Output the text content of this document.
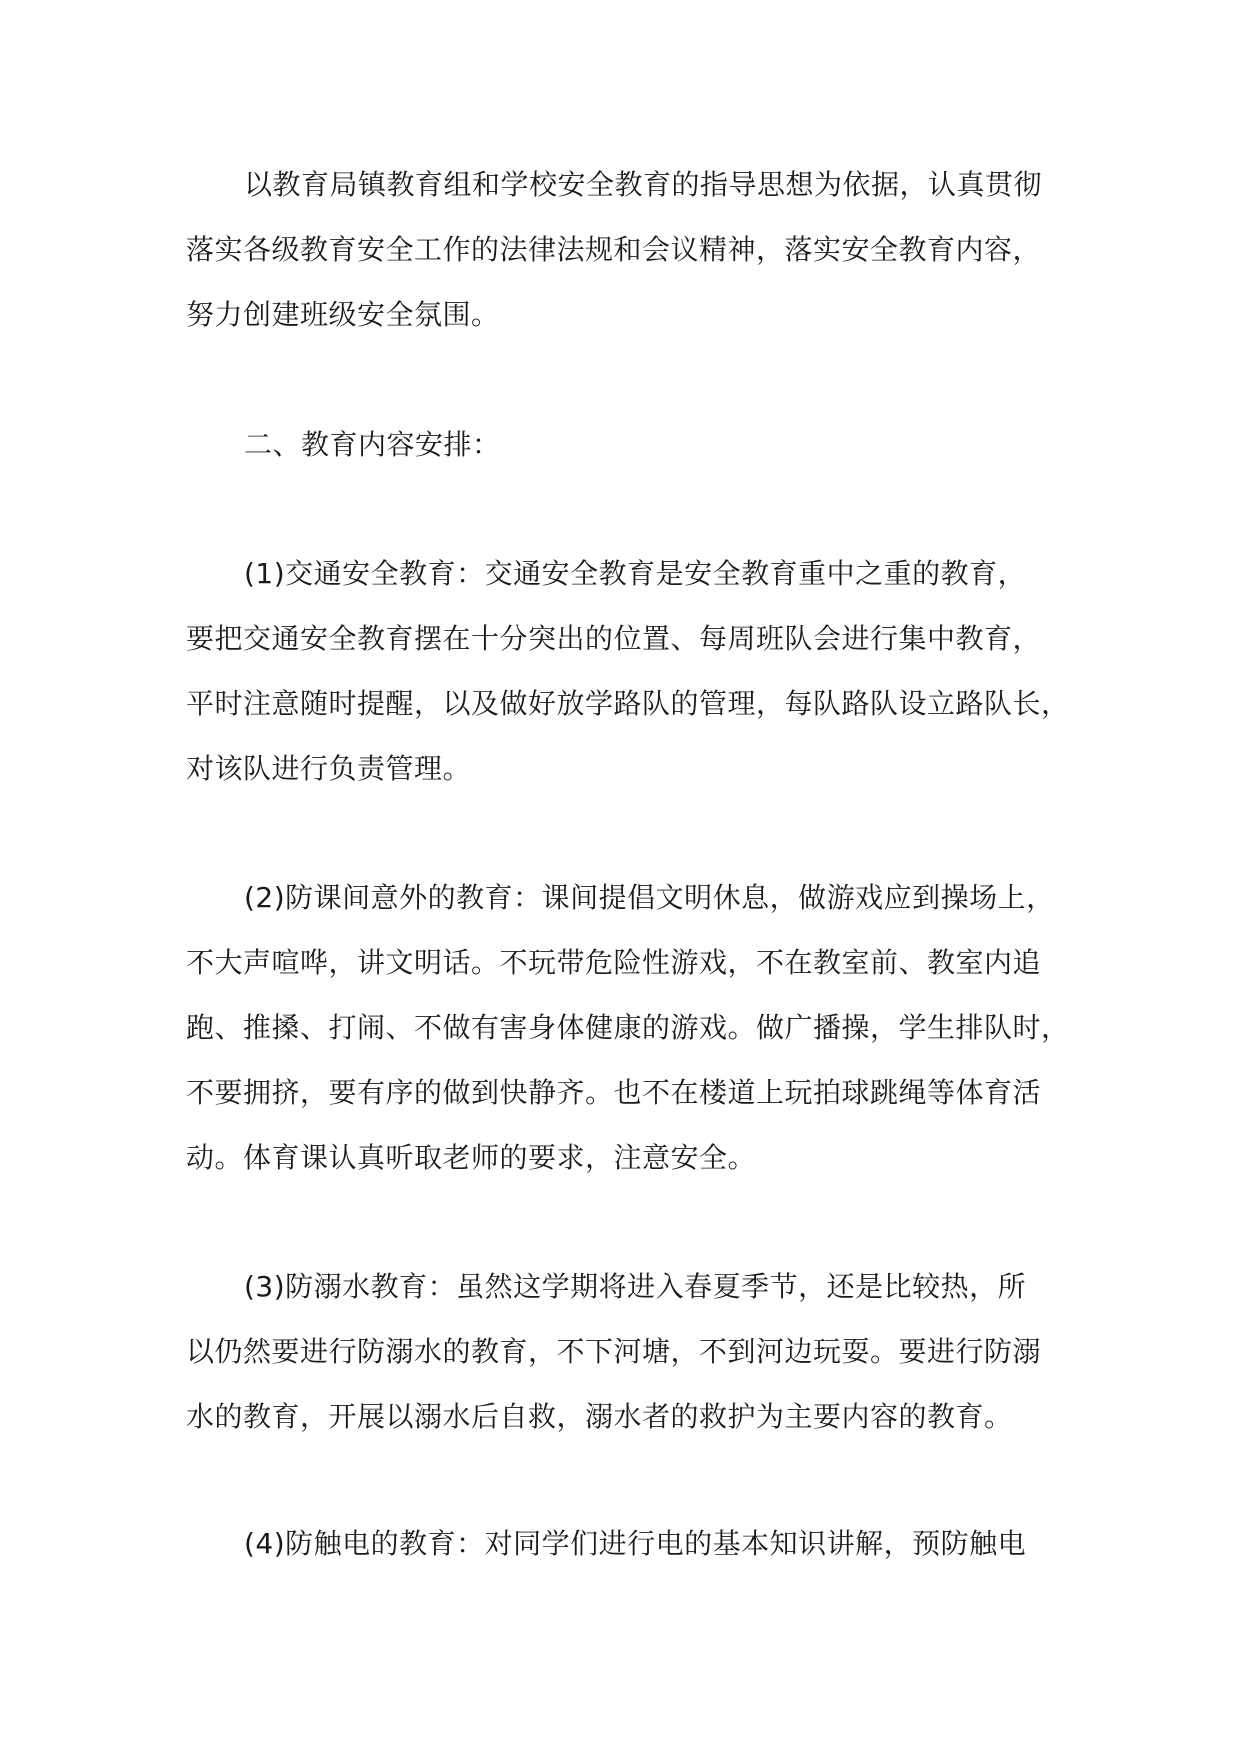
以教育局镇教育组和学校安全教育的指导思想为依据，认真贯彻
落实各级教育安全工作的法律法规和会议精神，落实安全教育内容，
努力创建班级安全氛围。

二、教育内容安排：

(1)交通安全教育：交通安全教育是安全教育重中之重的教育，
要把交通安全教育摆在十分突出的位置、每周班队会进行集中教育，
平时注意随时提醒，以及做好放学路队的管理，每队路队设立路队长，
对该队进行负责管理。

(2)防课间意外的教育：课间提倡文明休息，做游戏应到操场上，
不大声喧哗，讲文明话。不玩带危险性游戏，不在教室前、教室内追
跑、推搡、打闹、不做有害身体健康的游戏。做广播操，学生排队时，
不要拥挤，要有序的做到快静齐。也不在楼道上玩拍球跳绳等体育活
动。体育课认真听取老师的要求，注意安全。

(3)防溺水教育：虽然这学期将进入春夏季节，还是比较热，所
以仍然要进行防溺水的教育，不下河塘，不到河边玩耍。要进行防溺
水的教育，开展以溺水后自救，溺水者的救护为主要内容的教育。

(4)防触电的教育：对同学们进行电的基本知识讲解，预防触电
